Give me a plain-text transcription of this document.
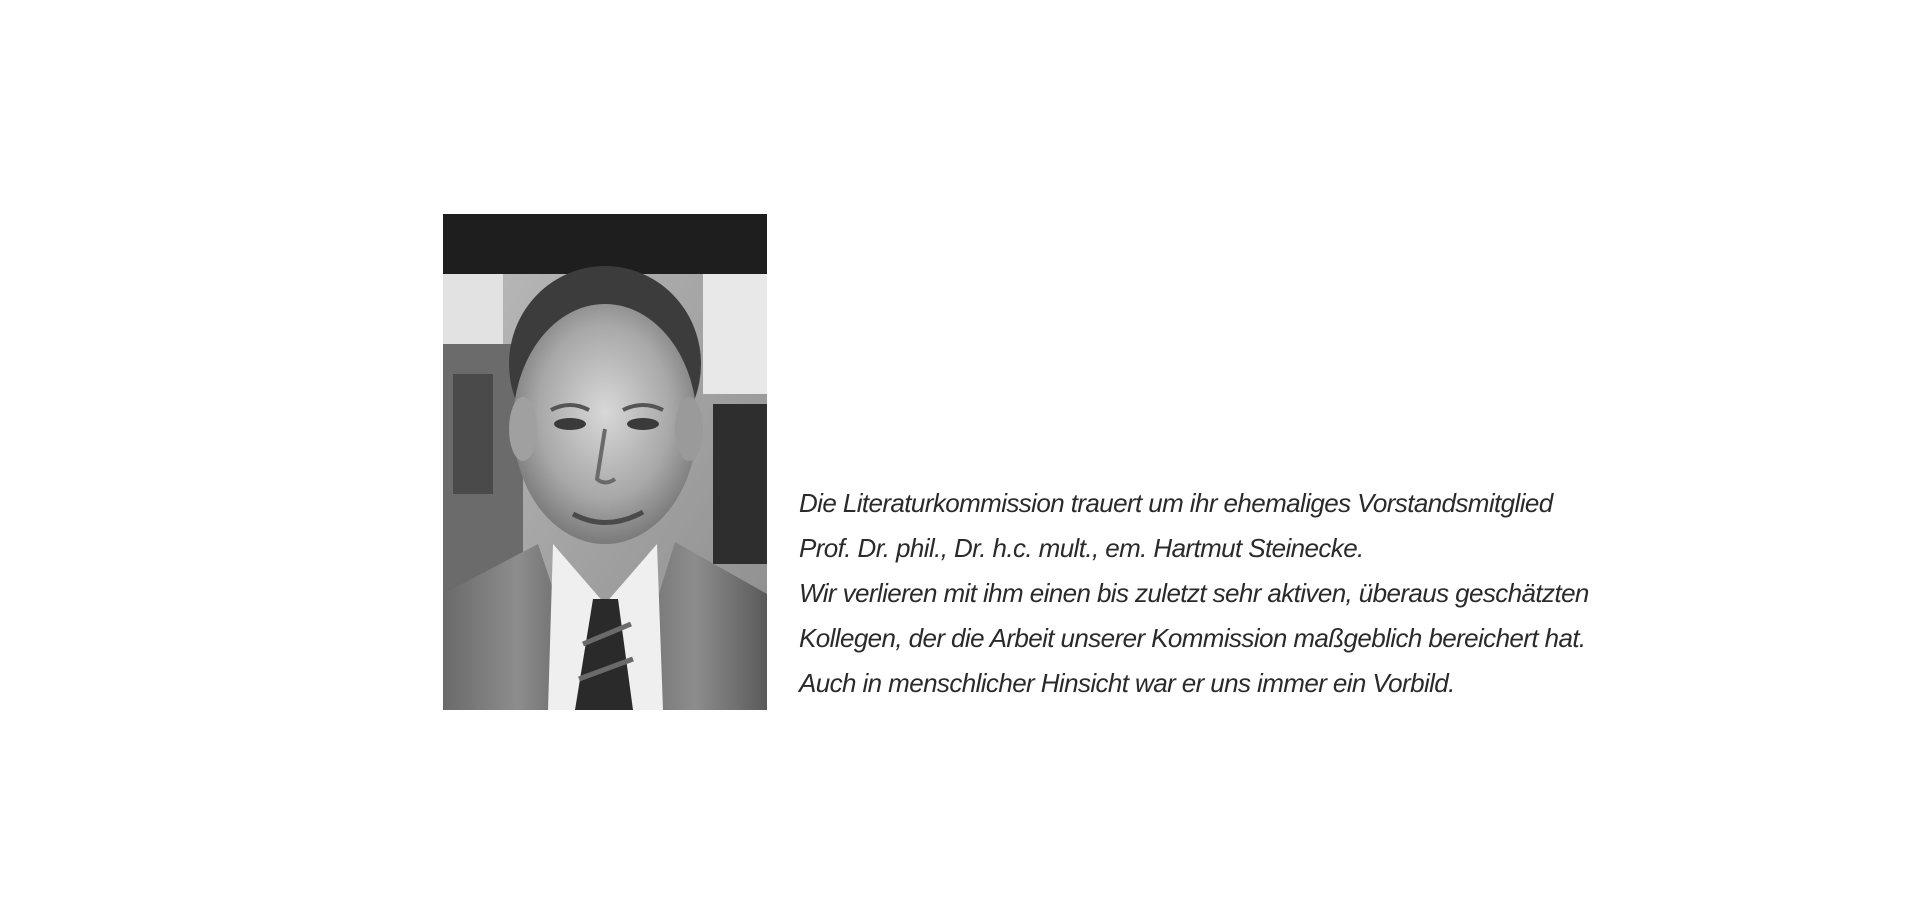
Die Literaturkommission trauert um ihr ehemaliges Vorstandsmitglied

Prof. Dr. phil., Dr. h.c. mult., em. Hartmut Steinecke.

Wir verlieren mit ihm einen bis zuletzt sehr aktiven, überaus geschätzten

Kollegen, der die Arbeit unserer Kommission maßgeblich bereichert hat.

Auch in menschlicher Hinsicht war er uns immer ein Vorbild.
